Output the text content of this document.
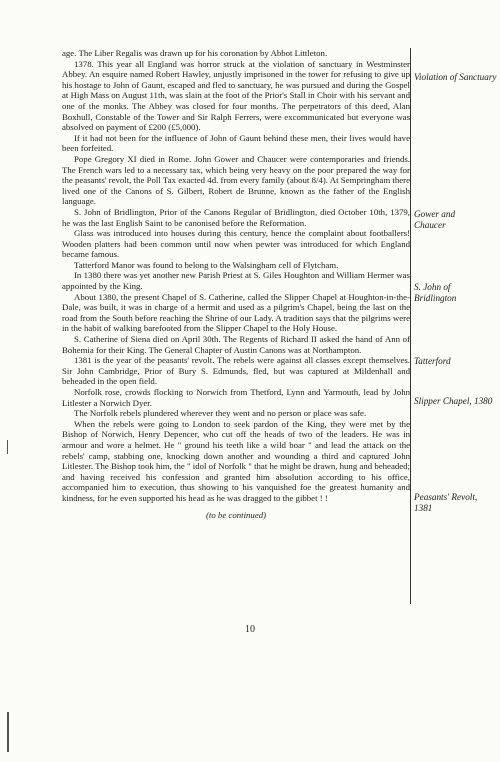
age. The Liber Regalis was drawn up for his coronation by Abbot Littleton.

1378. This year all England was horror struck at the violation of sanctuary in Westminster Abbey. An esquire named Robert Hawley, unjustly imprisoned in the tower for refusing to give up his hostage to John of Gaunt, escaped and fled to sanctuary, he was pursued and during the Gospel at High Mass on August 11th, was slain at the foot of the Prior's Stall in Choir with his servant and one of the monks. The Abbey was closed for four months. The perpetrators of this deed, Alan Boxhull, Constable of the Tower and Sir Ralph Ferrers, were excommunicated but everyone was absolved on payment of £200 (£5,000).

If it had not been for the influence of John of Gaunt behind these men, their lives would have been forfeited.

Pope Gregory XI died in Rome. John Gower and Chaucer were contemporaries and friends. The French wars led to a necessary tax, which being very heavy on the poor prepared the way for the peasants' revolt, the Poll Tax exacted 4d. from every family (about 8/4). At Sempringham there lived one of the Canons of S. Gilbert, Robert de Brunne, known as the father of the English language.

S. John of Bridlington, Prior of the Canons Regular of Bridlington, died October 10th, 1379, he was the last English Saint to be canonised before the Reformation.

Glass was introduced into houses during this century, hence the complaint about footballers! Wooden platters had been common until now when pewter was introduced for which England became famous.

Tatterford Manor was found to belong to the Walsingham cell of Flytcham.

In 1380 there was yet another new Parish Priest at S. Giles Houghton and William Hermer was appointed by the King.

About 1380, the present Chapel of S. Catherine, called the Slipper Chapel at Houghton-in-the-Dale, was built, it was in charge of a hermit and used as a pilgrim's Chapel, being the last on the road from the South before reaching the Shrine of our Lady. A tradition says that the pilgrims were in the habit of walking barefooted from the Slipper Chapel to the Holy House.

S. Catherine of Siena died on April 30th. The Regents of Richard II asked the hand of Ann of Bohemia for their King. The General Chapter of Austin Canons was at Northampton.

1381 is the year of the peasants' revolt. The rebels were against all classes except themselves. Sir John Cambridge, Prior of Bury S. Edmunds, fled, but was captured at Mildenhall and beheaded in the open field.

Norfolk rose, crowds flocking to Norwich from Thetford, Lynn and Yarmouth, lead by John Litlester a Norwich Dyer.

The Norfolk rebels plundered wherever they went and no person or place was safe.

When the rebels were going to London to seek pardon of the King, they were met by the Bishop of Norwich, Henry Depencer, who cut off the heads of two of the leaders. He was in armour and wore a helmet. He " ground his teeth like a wild boar " and lead the attack on the rebels' camp, stabbing one, knocking down another and wounding a third and captured John Litlester. The Bishop took him, the " idol of Norfolk " that he might be drawn, hung and beheaded; and having received his confession and granted him absolution according to his office, accompanied him to execution, thus showing to his vanquished foe the greatest humanity and kindness, for he even supported his head as he was dragged to the gibbet ! !

(to be continued)

Violation of Sanctuary
Gower and Chaucer
S. John of Bridlington
Tatterford
Slipper Chapel, 1380
Peasants' Revolt, 1381
10
